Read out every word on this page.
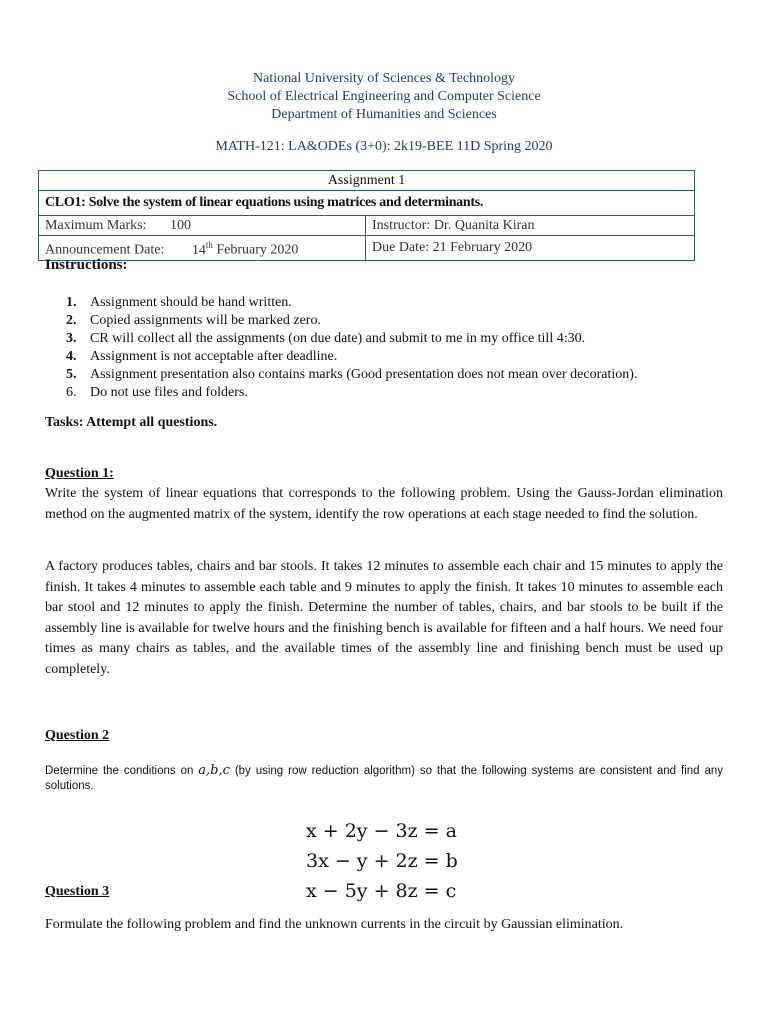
National University of Sciences & Technology
School of Electrical Engineering and Computer Science
Department of Humanities and Sciences
MATH-121: LA&ODEs (3+0): 2k19-BEE 11D Spring 2020
Assignment 1	
CLO1: Solve the system of linear equations using matrices and determinants.	
Maximum Marks: 100	Instructor: Dr. Quanita Kiran
Announcement Date: 14th February 2020	Due Date: 21 February 2020
Instructions:
1. Assignment should be hand written.
2. Copied assignments will be marked zero.
3. CR will collect all the assignments (on due date) and submit to me in my office till 4:30.
4. Assignment is not acceptable after deadline.
5. Assignment presentation also contains marks (Good presentation does not mean over decoration).
6. Do not use files and folders.
Tasks: Attempt all questions.
Question 1:
Write the system of linear equations that corresponds to the following problem. Using the Gauss-Jordan elimination method on the augmented matrix of the system, identify the row operations at each stage needed to find the solution.
A factory produces tables, chairs and bar stools. It takes 12 minutes to assemble each chair and 15 minutes to apply the finish. It takes 4 minutes to assemble each table and 9 minutes to apply the finish. It takes 10 minutes to assemble each bar stool and 12 minutes to apply the finish. Determine the number of tables, chairs, and bar stools to be built if the assembly line is available for twelve hours and the finishing bench is available for fifteen and a half hours. We need four times as many chairs as tables, and the available times of the assembly line and finishing bench must be used up completely.
Question 2
Determine the conditions on a,b,c (by using row reduction algorithm) so that the following systems are consistent and find any solutions.
x + 2y − 3z = a
3x − y + 2z = b
x − 5y + 8z = c
Question 3
Formulate the following problem and find the unknown currents in the circuit by Gaussian elimination.
